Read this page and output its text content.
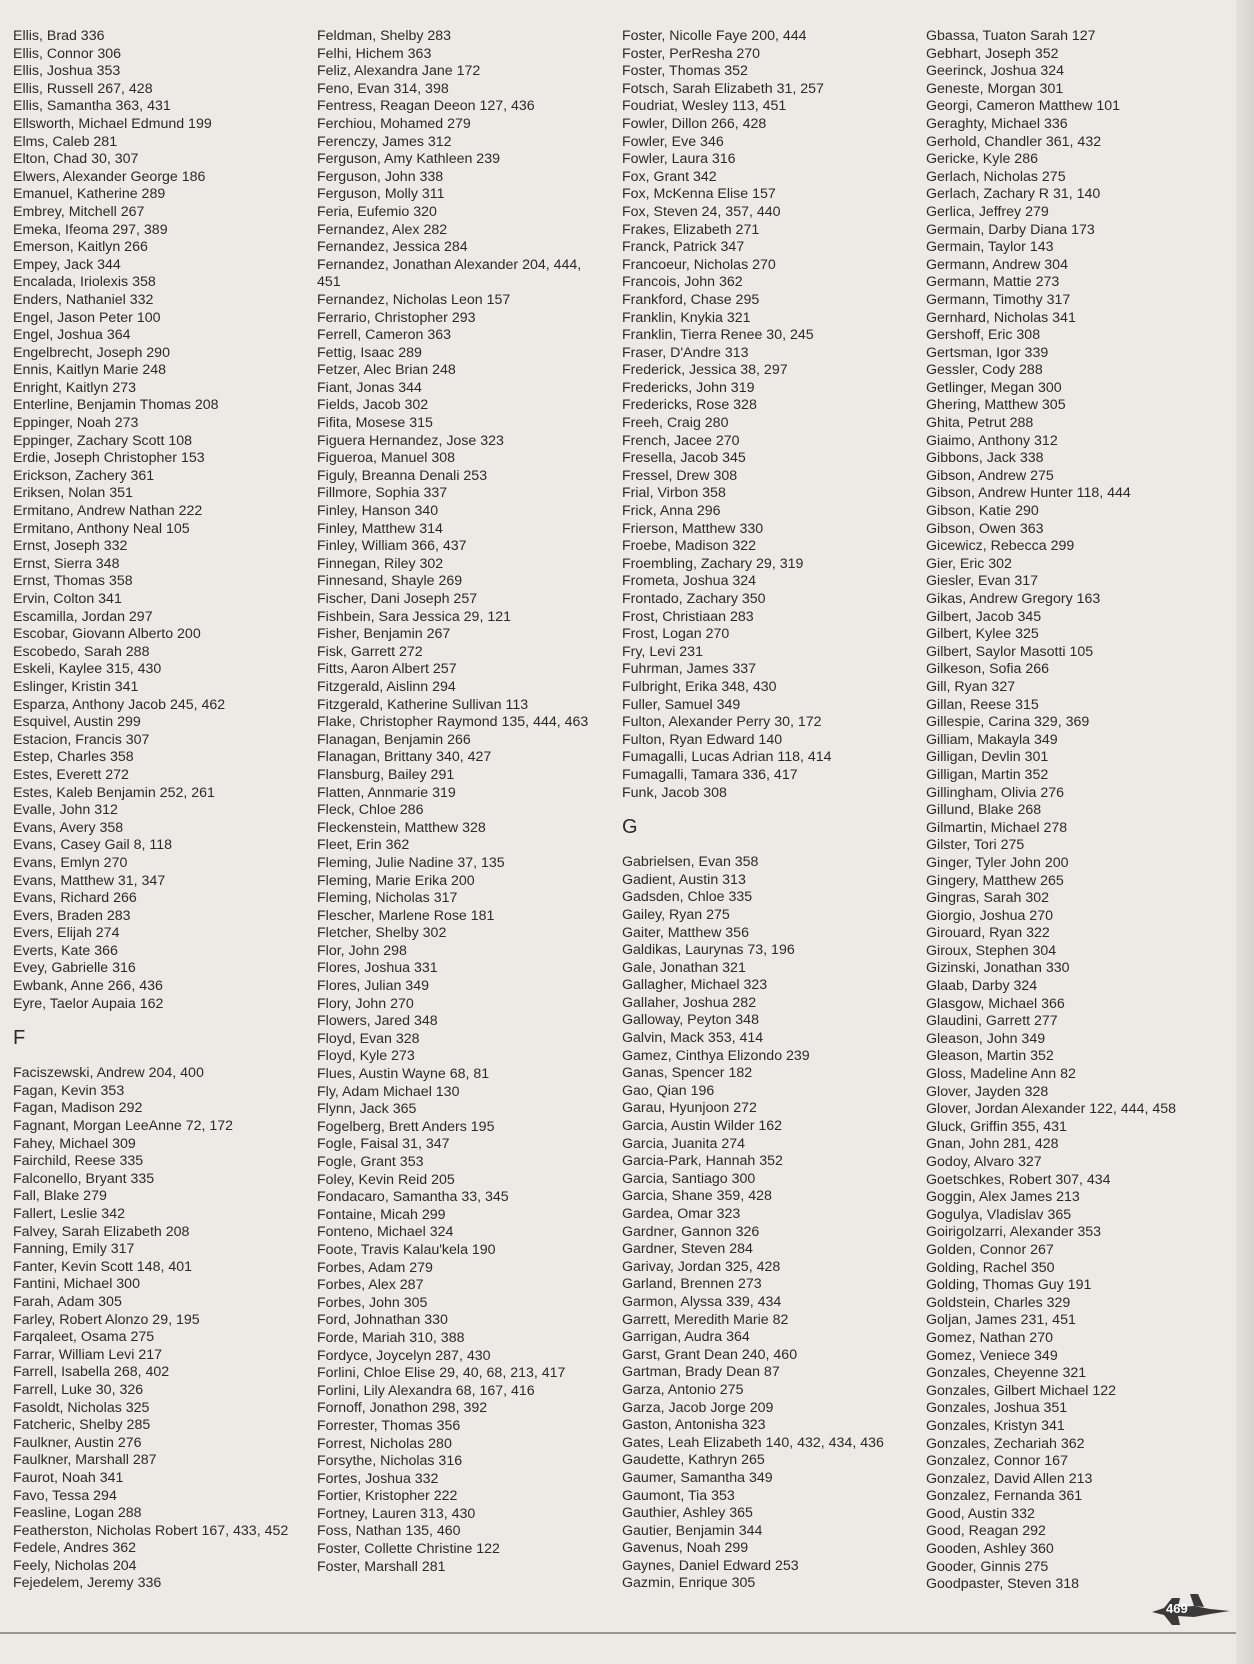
Ellis, Brad 336
Ellis, Connor 306
Ellis, Joshua 353
Ellis, Russell 267, 428
Ellis, Samantha 363, 431
Ellsworth, Michael Edmund 199
Elms, Caleb 281
Elton, Chad 30, 307
Elwers, Alexander George 186
Emanuel, Katherine 289
Embrey, Mitchell 267
Emeka, Ifeoma 297, 389
Emerson, Kaitlyn 266
Empey, Jack 344
Encalada, Iriolexis 358
Enders, Nathaniel 332
Engel, Jason Peter 100
Engel, Joshua 364
Engelbrecht, Joseph 290
Ennis, Kaitlyn Marie 248
Enright, Kaitlyn 273
Enterline, Benjamin Thomas 208
Eppinger, Noah 273
Eppinger, Zachary Scott 108
Erdie, Joseph Christopher 153
Erickson, Zachery 361
Eriksen, Nolan 351
Ermitano, Andrew Nathan 222
Ermitano, Anthony Neal 105
Ernst, Joseph 332
Ernst, Sierra 348
Ernst, Thomas 358
Ervin, Colton 341
Escamilla, Jordan 297
Escobar, Giovann Alberto 200
Escobedo, Sarah 288
Eskeli, Kaylee 315, 430
Eslinger, Kristin 341
Esparza, Anthony Jacob 245, 462
Esquivel, Austin 299
Estacion, Francis 307
Estep, Charles 358
Estes, Everett 272
Estes, Kaleb Benjamin 252, 261
Evalle, John 312
Evans, Avery 358
Evans, Casey Gail 8, 118
Evans, Emlyn 270
Evans, Matthew 31, 347
Evans, Richard 266
Evers, Braden 283
Evers, Elijah 274
Everts, Kate 366
Evey, Gabrielle 316
Ewbank, Anne 266, 436
Eyre, Taelor Aupaia 162
F
Faciszewski, Andrew 204, 400
Fagan, Kevin 353
Fagan, Madison 292
Fagnant, Morgan LeeAnne 72, 172
Fahey, Michael 309
Fairchild, Reese 335
Falconello, Bryant 335
Fall, Blake 279
Fallert, Leslie 342
Falvey, Sarah Elizabeth 208
Fanning, Emily 317
Fanter, Kevin Scott 148, 401
Fantini, Michael 300
Farah, Adam 305
Farley, Robert Alonzo 29, 195
Farqaleet, Osama 275
Farrar, William Levi 217
Farrell, Isabella 268, 402
Farrell, Luke 30, 326
Fasoldt, Nicholas 325
Fatcheric, Shelby 285
Faulkner, Austin 276
Faulkner, Marshall 287
Faurot, Noah 341
Favo, Tessa 294
Feasline, Logan 288
Featherston, Nicholas Robert 167, 433, 452
Fedele, Andres 362
Feely, Nicholas 204
Fejedelem, Jeremy 336
Feldman, Shelby 283
Felhi, Hichem 363
Feliz, Alexandra Jane 172
Feno, Evan 314, 398
Fentress, Reagan Deeon 127, 436
Ferchiou, Mohamed 279
Ferenczy, James 312
Ferguson, Amy Kathleen 239
Ferguson, John 338
Ferguson, Molly 311
Feria, Eufemio 320
Fernandez, Alex 282
Fernandez, Jessica 284
Fernandez, Jonathan Alexander 204, 444, 451
Fernandez, Nicholas Leon 157
Ferrario, Christopher 293
Ferrell, Cameron 363
Fettig, Isaac 289
Fetzer, Alec Brian 248
Fiant, Jonas 344
Fields, Jacob 302
Fifita, Mosese 315
Figuera Hernandez, Jose 323
Figueroa, Manuel 308
Figuly, Breanna Denali 253
Fillmore, Sophia 337
Finley, Hanson 340
Finley, Matthew 314
Finley, William 366, 437
Finnegan, Riley 302
Finnesand, Shayle 269
Fischer, Dani Joseph 257
Fishbein, Sara Jessica 29, 121
Fisher, Benjamin 267
Fisk, Garrett 272
Fitts, Aaron Albert 257
Fitzgerald, Aislinn 294
Fitzgerald, Katherine Sullivan 113
Flake, Christopher Raymond 135, 444, 463
Flanagan, Benjamin 266
Flanagan, Brittany 340, 427
Flansburg, Bailey 291
Flatten, Annmarie 319
Fleck, Chloe 286
Fleckenstein, Matthew 328
Fleet, Erin 362
Fleming, Julie Nadine 37, 135
Fleming, Marie Erika 200
Fleming, Nicholas 317
Flescher, Marlene Rose 181
Fletcher, Shelby 302
Flor, John 298
Flores, Joshua 331
Flores, Julian 349
Flory, John 270
Flowers, Jared 348
Floyd, Evan 328
Floyd, Kyle 273
Flues, Austin Wayne 68, 81
Fly, Adam Michael 130
Flynn, Jack 365
Fogelberg, Brett Anders 195
Fogle, Faisal 31, 347
Fogle, Grant 353
Foley, Kevin Reid 205
Fondacaro, Samantha 33, 345
Fontaine, Micah 299
Fonteno, Michael 324
Foote, Travis Kalau'kela 190
Forbes, Adam 279
Forbes, Alex 287
Forbes, John 305
Ford, Johnathan 330
Forde, Mariah 310, 388
Fordyce, Joycelyn 287, 430
Forlini, Chloe Elise 29, 40, 68, 213, 417
Forlini, Lily Alexandra 68, 167, 416
Fornoff, Jonathon 298, 392
Forrester, Thomas 356
Forrest, Nicholas 280
Forsythe, Nicholas 316
Fortes, Joshua 332
Fortier, Kristopher 222
Fortney, Lauren 313, 430
Foss, Nathan 135, 460
Foster, Collette Christine 122
Foster, Marshall 281
Foster, Nicolle Faye 200, 444
Foster, PerResha 270
Foster, Thomas 352
Fotsch, Sarah Elizabeth 31, 257
Foudriat, Wesley 113, 451
Fowler, Dillon 266, 428
Fowler, Eve 346
Fowler, Laura 316
Fox, Grant 342
Fox, McKenna Elise 157
Fox, Steven 24, 357, 440
Frakes, Elizabeth 271
Franck, Patrick 347
Francoeur, Nicholas 270
Francois, John 362
Frankford, Chase 295
Franklin, Knykia 321
Franklin, Tierra Renee 30, 245
Fraser, D'Andre 313
Frederick, Jessica 38, 297
Fredericks, John 319
Fredericks, Rose 328
Freeh, Craig 280
French, Jacee 270
Fresella, Jacob 345
Fressel, Drew 308
Frial, Virbon 358
Frick, Anna 296
Frierson, Matthew 330
Froebe, Madison 322
Froembling, Zachary 29, 319
Frometa, Joshua 324
Frontado, Zachary 350
Frost, Christiaan 283
Frost, Logan 270
Fry, Levi 231
Fuhrman, James 337
Fulbright, Erika 348, 430
Fuller, Samuel 349
Fulton, Alexander Perry 30, 172
Fulton, Ryan Edward 140
Fumagalli, Lucas Adrian 118, 414
Fumagalli, Tamara 336, 417
Funk, Jacob 308
G
Gabrielsen, Evan 358
Gadient, Austin 313
Gadsden, Chloe 335
Gailey, Ryan 275
Gaiter, Matthew 356
Galdikas, Laurynas 73, 196
Gale, Jonathan 321
Gallagher, Michael 323
Gallaher, Joshua 282
Galloway, Peyton 348
Galvin, Mack 353, 414
Gamez, Cinthya Elizondo 239
Ganas, Spencer 182
Gao, Qian 196
Garau, Hyunjoon 272
Garcia, Austin Wilder 162
Garcia, Juanita 274
Garcia-Park, Hannah 352
Garcia, Santiago 300
Garcia, Shane 359, 428
Gardea, Omar 323
Gardner, Gannon 326
Gardner, Steven 284
Garivay, Jordan 325, 428
Garland, Brennen 273
Garmon, Alyssa 339, 434
Garrett, Meredith Marie 82
Garrigan, Audra 364
Garst, Grant Dean 240, 460
Gartman, Brady Dean 87
Garza, Antonio 275
Garza, Jacob Jorge 209
Gaston, Antonisha 323
Gates, Leah Elizabeth 140, 432, 434, 436
Gaudette, Kathryn 265
Gaumer, Samantha 349
Gaumont, Tia 353
Gauthier, Ashley 365
Gautier, Benjamin 344
Gavenus, Noah 299
Gaynes, Daniel Edward 253
Gazmin, Enrique 305
Gbassa, Tuaton Sarah 127
Gebhart, Joseph 352
Geerinck, Joshua 324
Geneste, Morgan 301
Georgi, Cameron Matthew 101
Geraghty, Michael 336
Gerhold, Chandler 361, 432
Gericke, Kyle 286
Gerlach, Nicholas 275
Gerlach, Zachary R 31, 140
Gerlica, Jeffrey 279
Germain, Darby Diana 173
Germain, Taylor 143
Germann, Andrew 304
Germann, Mattie 273
Germann, Timothy 317
Gernhard, Nicholas 341
Gershoff, Eric 308
Gertsman, Igor 339
Gessler, Cody 288
Getlinger, Megan 300
Ghering, Matthew 305
Ghita, Petrut 288
Giaimo, Anthony 312
Gibbons, Jack 338
Gibson, Andrew 275
Gibson, Andrew Hunter 118, 444
Gibson, Katie 290
Gibson, Owen 363
Gicewicz, Rebecca 299
Gier, Eric 302
Giesler, Evan 317
Gikas, Andrew Gregory 163
Gilbert, Jacob 345
Gilbert, Kylee 325
Gilbert, Saylor Masotti 105
Gilkeson, Sofia 266
Gill, Ryan 327
Gillan, Reese 315
Gillespie, Carina 329, 369
Gilliam, Makayla 349
Gilligan, Devlin 301
Gilligan, Martin 352
Gillingham, Olivia 276
Gillund, Blake 268
Gilmartin, Michael 278
Gilster, Tori 275
Ginger, Tyler John 200
Gingery, Matthew 265
Gingras, Sarah 302
Giorgio, Joshua 270
Girouard, Ryan 322
Giroux, Stephen 304
Gizinski, Jonathan 330
Glaab, Darby 324
Glasgow, Michael 366
Glaudini, Garrett 277
Gleason, John 349
Gleason, Martin 352
Gloss, Madeline Ann 82
Glover, Jayden 328
Glover, Jordan Alexander 122, 444, 458
Gluck, Griffin 355, 431
Gnan, John 281, 428
Godoy, Alvaro 327
Goetschkes, Robert 307, 434
Goggin, Alex James 213
Gogulya, Vladislav 365
Goirigolzarri, Alexander 353
Golden, Connor 267
Golding, Rachel 350
Golding, Thomas Guy 191
Goldstein, Charles 329
Goljan, James 231, 451
Gomez, Nathan 270
Gomez, Veniece 349
Gonzales, Cheyenne 321
Gonzales, Gilbert Michael 122
Gonzales, Joshua 351
Gonzales, Kristyn 341
Gonzales, Zechariah 362
Gonzalez, Connor 167
Gonzalez, David Allen 213
Gonzalez, Fernanda 361
Good, Austin 332
Good, Reagan 292
Gooden, Ashley 360
Gooder, Ginnis 275
Goodpaster, Steven 318
469
